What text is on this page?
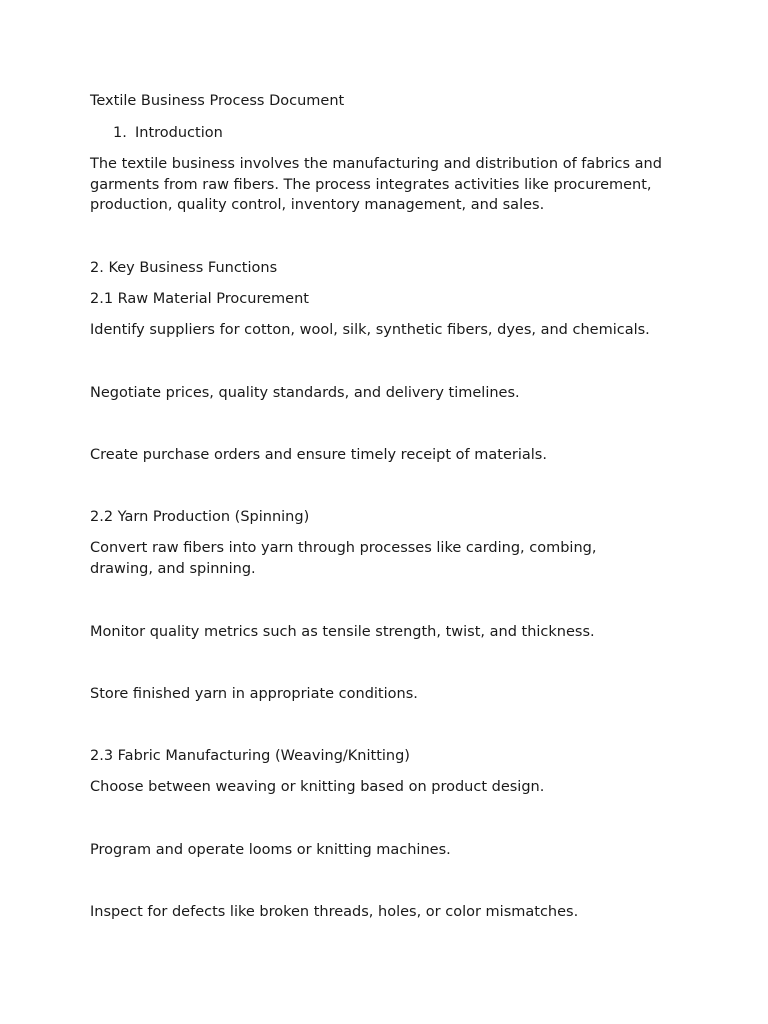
Textile Business Process Document
1. Introduction
The textile business involves the manufacturing and distribution of fabrics and garments from raw fibers. The process integrates activities like procurement, production, quality control, inventory management, and sales.
2. Key Business Functions
2.1 Raw Material Procurement
Identify suppliers for cotton, wool, silk, synthetic fibers, dyes, and chemicals.
Negotiate prices, quality standards, and delivery timelines.
Create purchase orders and ensure timely receipt of materials.
2.2 Yarn Production (Spinning)
Convert raw fibers into yarn through processes like carding, combing, drawing, and spinning.
Monitor quality metrics such as tensile strength, twist, and thickness.
Store finished yarn in appropriate conditions.
2.3 Fabric Manufacturing (Weaving/Knitting)
Choose between weaving or knitting based on product design.
Program and operate looms or knitting machines.
Inspect for defects like broken threads, holes, or color mismatches.
